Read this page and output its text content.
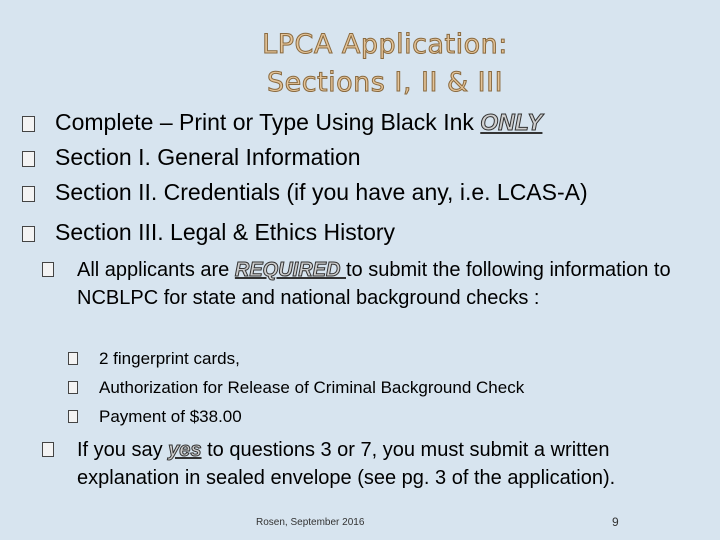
LPCA Application:
Sections I, II & III
Complete – Print or Type Using Black Ink ONLY
Section I. General Information
Section II. Credentials (if you have any, i.e. LCAS-A)
Section III. Legal & Ethics History
All applicants are REQUIRED to submit the following information to NCBLPC for state and national background checks :
2 fingerprint cards,
Authorization for Release of Criminal Background Check
Payment of $38.00
If you say yes to questions 3 or 7, you must submit a written explanation in sealed envelope (see pg. 3 of the application).
Rosen, September 2016	9
